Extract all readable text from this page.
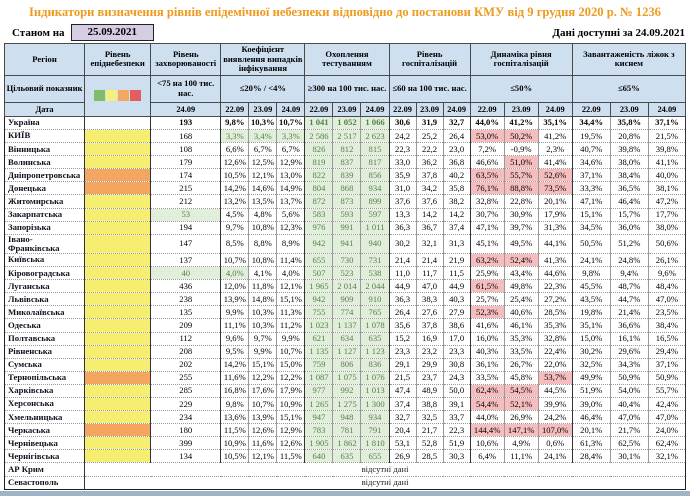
Індикатори визначення рівнів епідемічної небезпеки відповідно до постанови КМУ від 9 грудня 2020 р. № 1236
Станом на	25.09.2021	Дані доступні за 24.09.2021
Регіон	Рівень епіднебезпеки	Рівень захворюваності	Коефіцієнт виявлення випадків інфікування			Охоплення тестуванням			Рівень госпіталізацій			Динаміка рівня госпіталізацій			Завантаженість ліжок з киснем		
Цільовий показник		<75 на 100 тис. нас.	≤20% / <4%			≥300 на 100 тис. нас.			≤60 на 100 тис. нас.			≤50%			≤65%		
Дата		24.09	22.09	23.09	24.09	22.09	23.09	24.09	22.09	23.09	24.09	22.09	23.09	24.09	22.09	23.09	24.09
Україна		193	9,8%	10,3%	10,7%	1 041	1 052	1 066	30,6	31,9	32,7	44,0%	41,2%	35,1%	34,4%	35,8%	37,1%
КИЇВ		168	3,3%	3,4%	3,3%	2 586	2 517	2 623	24,2	25,2	26,4	53,0%	50,2%	41,2%	19,5%	20,8%	21,5%
Вінницька		108	6,6%	6,7%	6,7%	826	812	815	22,3	22,2	23,0	7,2%	-0,9%	2,3%	40,7%	39,8%	39,8%
Волинська		179	12,6%	12,5%	12,9%	819	837	817	33,0	36,2	36,8	46,6%	51,0%	41,4%	34,6%	38,0%	41,1%
Дніпропетровська		174	10,5%	12,1%	13,0%	822	839	856	35,9	37,8	40,2	63,5%	55,7%	52,6%	37,1%	38,4%	40,0%
Донецька		215	14,2%	14,6%	14,9%	804	868	934	31,0	34,2	35,8	76,1%	88,8%	73,5%	33,3%	36,5%	38,1%
Житомирська		212	13,2%	13,5%	13,7%	872	873	899	37,6	37,6	38,2	32,8%	22,8%	20,1%	47,1%	46,4%	47,2%
Закарпатська		53	4,5%	4,8%	5,6%	583	593	597	13,3	14,2	14,2	30,7%	30,9%	17,9%	15,1%	15,7%	17,7%
Запорізька		194	9,7%	10,8%	12,3%	976	991	1 011	36,3	36,7	37,4	47,1%	39,7%	31,3%	34,5%	36,0%	38,0%
Івано-Франківська		147	8,5%	8,8%	8,9%	942	941	940	30,2	32,1	31,3	45,1%	49,5%	44,1%	50,5%	51,2%	50,6%
Київська		137	10,7%	10,8%	11,4%	655	730	731	21,4	21,4	21,9	63,2%	52,4%	41,3%	24,1%	24,8%	26,1%
Кіровоградська		40	4,0%	4,1%	4,0%	507	523	538	11,0	11,7	11,5	25,9%	43,4%	44,6%	9,8%	9,4%	9,6%
Луганська		436	12,0%	11,8%	12,1%	1 965	2 014	2 044	44,9	47,0	44,9	61,5%	49,8%	22,3%	45,5%	48,7%	48,4%
Львівська		238	13,9%	14,8%	15,1%	942	909	910	36,3	38,3	40,3	25,7%	25,4%	27,2%	43,5%	44,7%	47,0%
Миколаївська		135	9,9%	10,3%	11,3%	755	774	765	26,4	27,6	27,9	52,3%	40,6%	28,5%	19,8%	21,4%	23,5%
Одеська		209	11,1%	10,3%	11,2%	1 023	1 137	1 078	35,6	37,8	38,6	41,6%	46,1%	35,3%	35,1%	36,6%	38,4%
Полтавська		112	9,6%	9,7%	9,9%	621	634	635	15,2	16,9	17,0	16,0%	35,3%	32,8%	15,0%	16,1%	16,5%
Рівненська		208	9,5%	9,9%	10,7%	1 135	1 127	1 123	23,3	23,2	23,3	40,3%	33,5%	22,4%	30,2%	29,6%	29,4%
Сумська		202	14,2%	15,1%	15,0%	759	806	836	29,1	29,9	30,8	36,1%	26,7%	22,0%	32,5%	34,3%	37,1%
Тернопільська		255	11,6%	12,2%	12,2%	1 087	1 075	1 076	21,5	23,7	24,3	33,5%	45,8%	53,7%	49,9%	50,9%	50,9%
Харківська		285	16,8%	17,6%	17,9%	977	992	1 013	47,4	48,9	50,0	62,4%	54,5%	44,5%	51,9%	54,0%	55,7%
Херсонська		229	9,8%	10,7%	10,9%	1 265	1 275	1 300	37,4	38,8	39,1	54,4%	52,1%	39,9%	39,0%	40,4%	42,4%
Хмельницька		234	13,6%	13,9%	15,1%	947	948	934	32,7	32,5	33,7	44,0%	26,9%	24,2%	46,4%	47,0%	47,0%
Черкаська		180	11,5%	12,6%	12,9%	783	781	791	20,4	21,7	22,3	144,4%	147,1%	107,0%	20,1%	21,7%	24,0%
Чернівецька		399	10,9%	11,6%	12,6%	1 905	1 862	1 810	53,1	52,8	51,9	10,6%	4,9%	0,6%	61,3%	62,5%	62,4%
Чернігівська		134	10,5%	12,1%	11,5%	640	635	655	26,9	28,5	30,3	6,4%	11,1%	24,1%	28,4%	30,1%	32,1%
АР Крим	відсутні дані																
Севастополь	відсутні дані																
